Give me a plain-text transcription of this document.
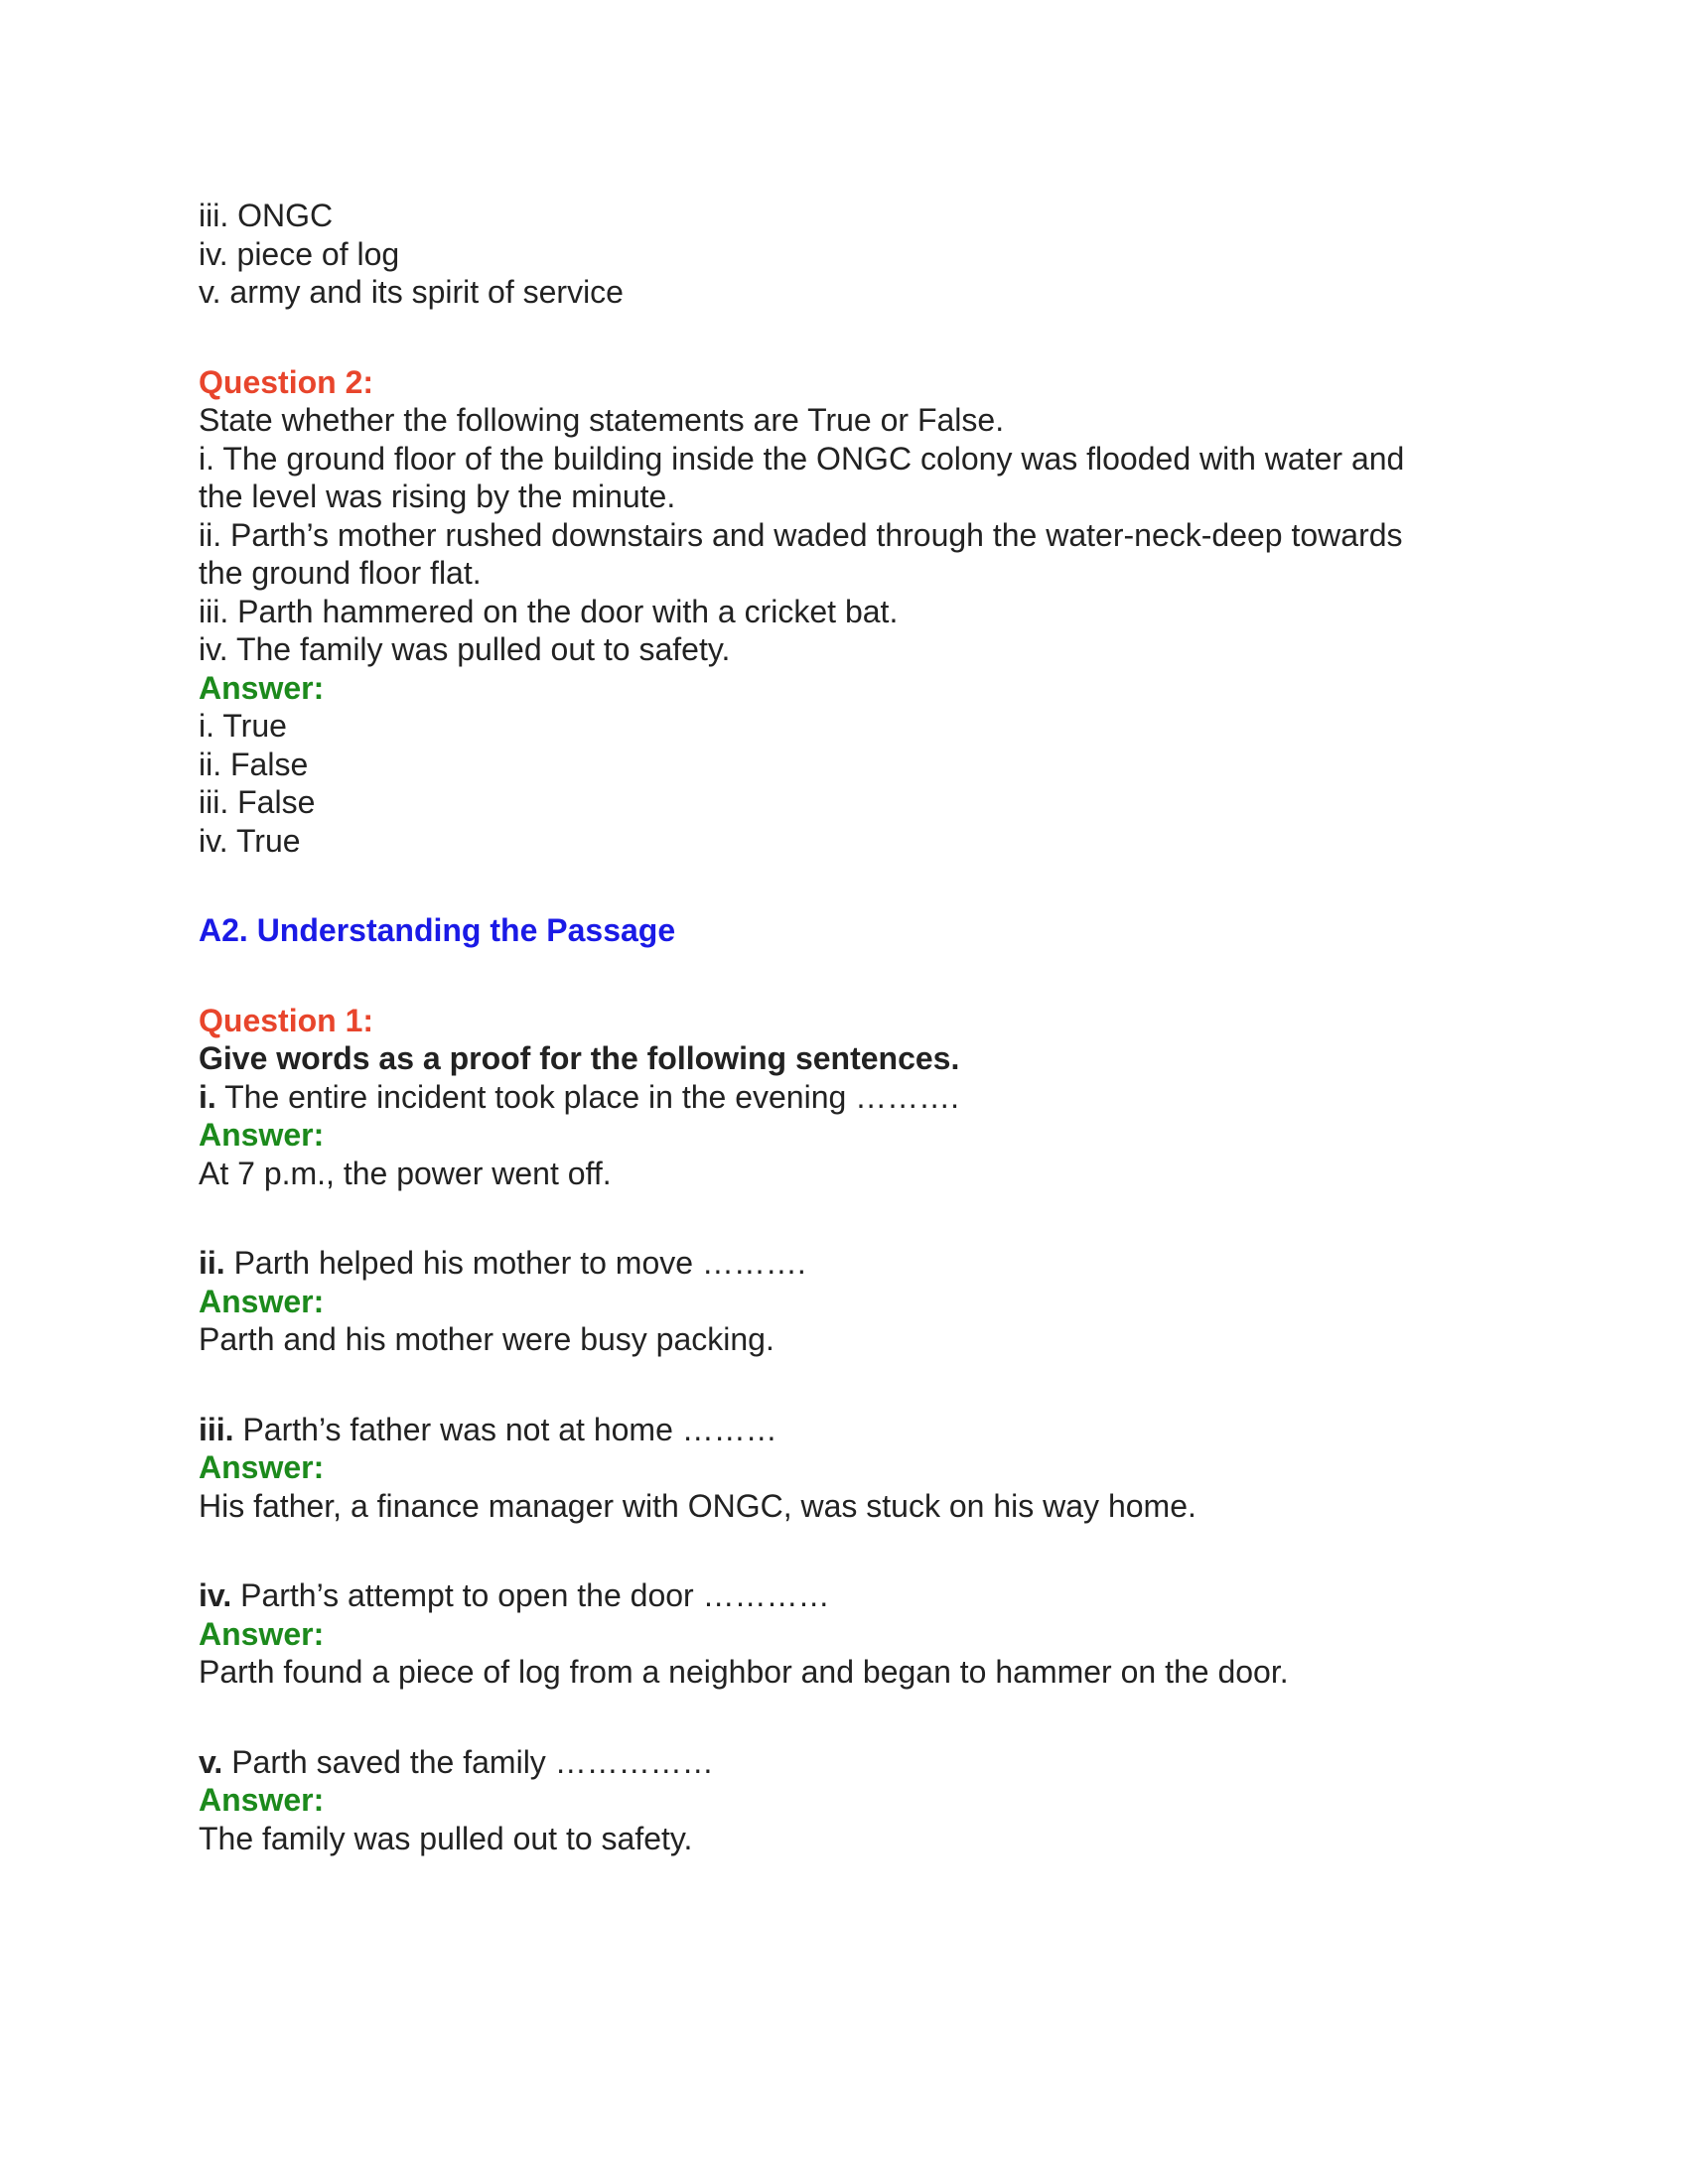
iii. ONGC
iv. piece of log
v. army and its spirit of service
Question 2:
State whether the following statements are True or False.
i. The ground floor of the building inside the ONGC colony was flooded with water and
the level was rising by the minute.
ii. Parth’s mother rushed downstairs and waded through the water-neck-deep towards
the ground floor flat.
iii. Parth hammered on the door with a cricket bat.
iv. The family was pulled out to safety.
Answer:
i. True
ii. False
iii. False
iv. True
A2. Understanding the Passage
Question 1:
Give words as a proof for the following sentences.
i. The entire incident took place in the evening ……….
Answer:
At 7 p.m., the power went off.
ii. Parth helped his mother to move ……….
Answer:
Parth and his mother were busy packing.
iii. Parth’s father was not at home ………
Answer:
His father, a finance manager with ONGC, was stuck on his way home.
iv. Parth’s attempt to open the door …………
Answer:
Parth found a piece of log from a neighbor and began to hammer on the door.
v. Parth saved the family ……………
Answer:
The family was pulled out to safety.
